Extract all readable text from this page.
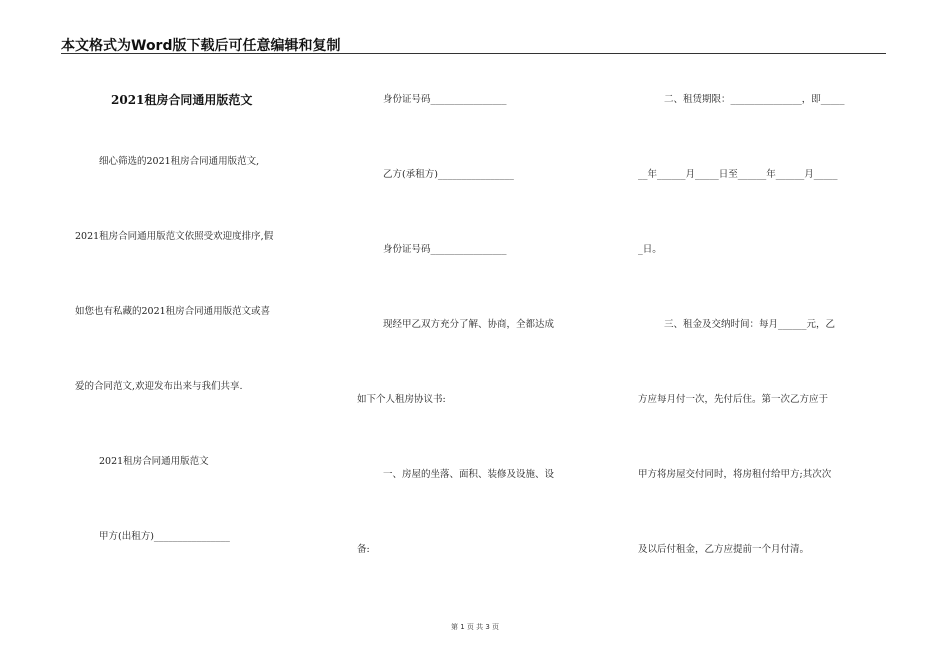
本文格式为Word版下载后可任意编辑和复制
2021租房合同通用版范文
细心筛选的2021租房合同通用版范文,
2021租房合同通用版范文依照受欢迎度排序,假
如您也有私藏的2021租房合同通用版范文或喜
爱的合同范文,欢迎发布出来与我们共享.
2021租房合同通用版范文
甲方(出租方)________________
身份证号码________________
乙方(承租方)________________
身份证号码________________
现经甲乙双方充分了解、协商，全都达成
如下个人租房协议书:
一、房屋的坐落、面积、装修及设施、设
备:
二、租赁期限：_______________，即_____
__年______月_____日至______年______月_____
_日。
三、租金及交纳时间：每月______元，乙
方应每月付一次，先付后住。第一次乙方应于
甲方将房屋交付同时，将房租付给甲方;其次次
及以后付租金，乙方应提前一个月付清。
第 1 页 共 3 页
